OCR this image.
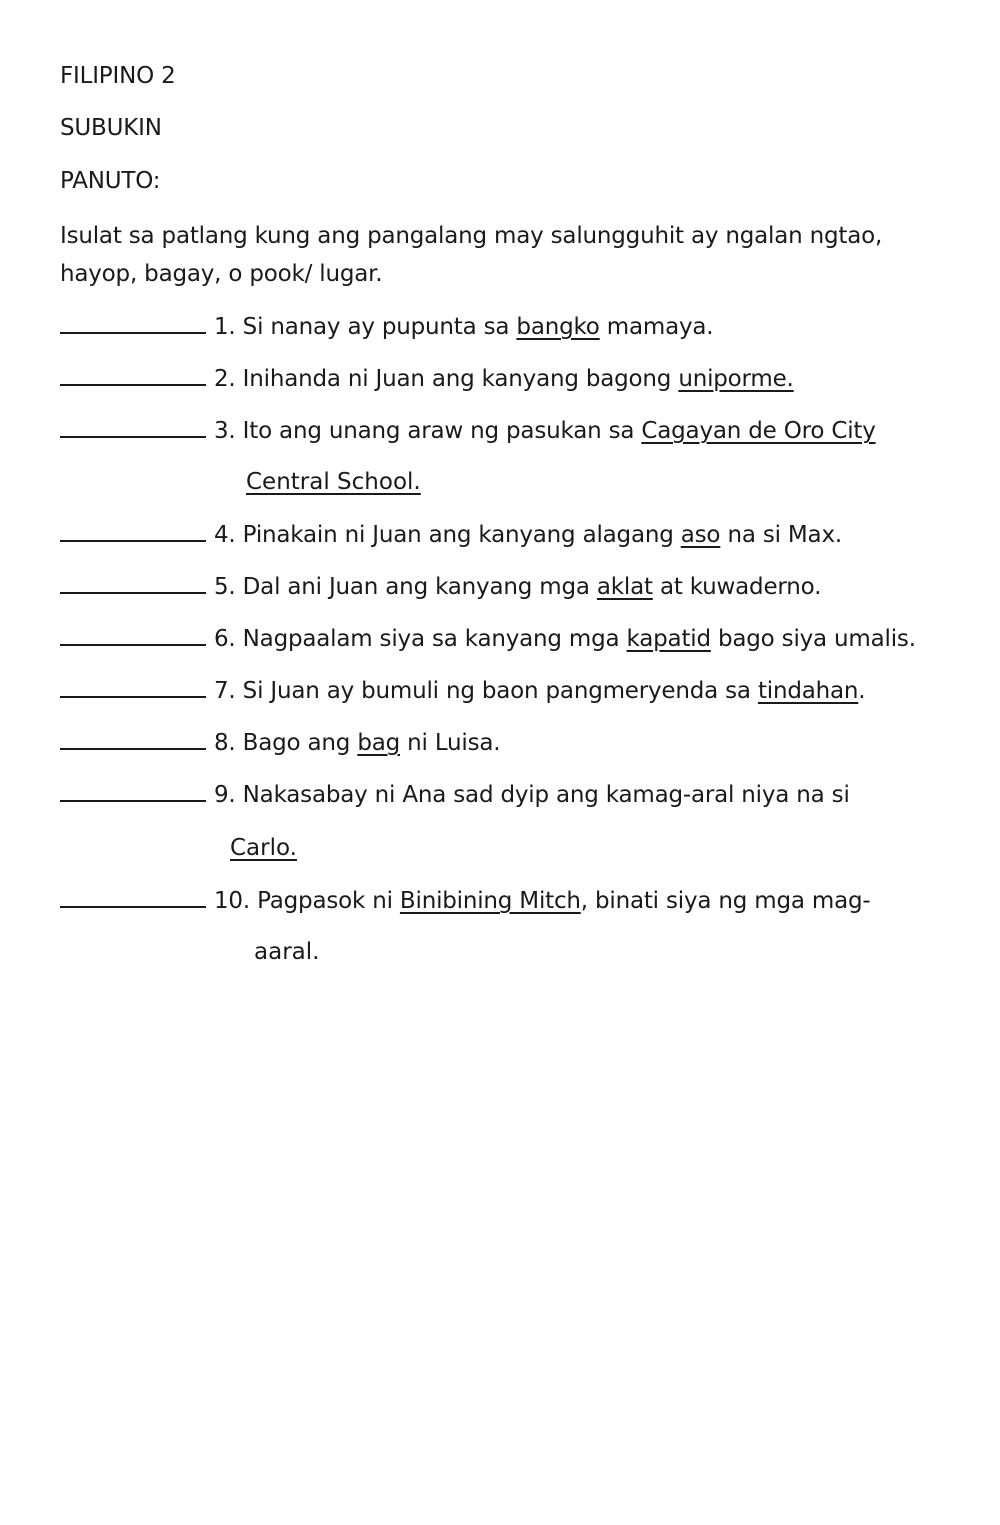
FILIPINO 2
SUBUKIN
PANUTO:
Isulat sa patlang kung ang pangalang may salungguhit ay ngalan ngtao,
hayop, bagay, o pook/ lugar.
1. Si nanay ay pupunta sa bangko mamaya.
2. Inihanda ni Juan ang kanyang bagong uniporme.
3. Ito ang unang araw ng pasukan sa Cagayan de Oro City
Central School.
4. Pinakain ni Juan ang kanyang alagang aso na si Max.
5. Dal ani Juan ang kanyang mga aklat at kuwaderno.
6. Nagpaalam siya sa kanyang mga kapatid bago siya umalis.
7. Si Juan ay bumuli ng baon pangmeryenda sa tindahan.
8. Bago ang bag ni Luisa.
9. Nakasabay ni Ana sad dyip ang kamag-aral niya na si
Carlo.
10. Pagpasok ni Binibining Mitch, binati siya ng mga mag-
aaral.
